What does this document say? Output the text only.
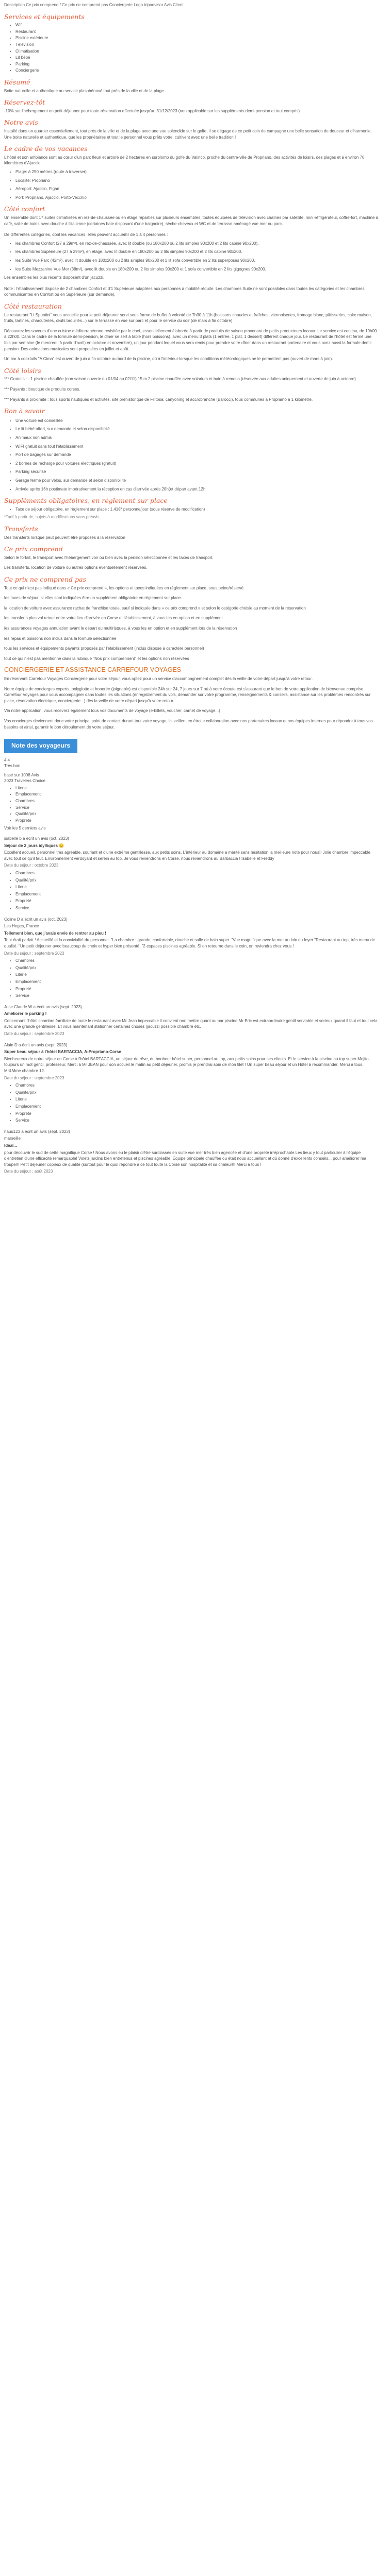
Description Ce prix comprend / Ce prix ne comprend pas Conciergerie Logo tripadvisor Avis Client
Services et équipements
• Wifi
• Restaurant
• Piscine extérieure
• Télévision
• Climatisation
• Lit bébé
• Parking
• Conciergerie
Résumé

Boite naturelle et authentique au service plasphénové tout près de la ville et de la plage.

Réservez-tôt

-10% sur l'hébergement en petit déjeuner pour toute réservation effectuée jusqu'au 31/12/2023 (non applicable sur les suppléments demi-pension et tout compris).

Notre avis

Installé dans un quartier essentiellement, tout près de la ville et de la plage avec une vue splendide sur le golfe, il se dégage de ce petit coin de campagne une belle sensation de douceur et d'harmonie. Une boite naturelle et authentique, que les propriétaires et tout le personnel vous prêts votre, cultivent avec une belle tradition !

Le cadre de vos vacances

L'hôtel et son ambiance sont au cœur d'un parc fleuri et arboré de 2 hectares en surplomb du golfe du Valinco, proche du centre-ville de Propriano, des activités de loisirs, des plages et à environ 70 kilomètres d'Ajaccio.

• Plage: à 250 mètres (route à traverser)
• Localité: Propriano
• Aéroport: Ajaccio, Figari
• Port: Propriano, Ajaccio, Porto-Vecchio
Côté confort

Un ensemble dont 17 suites climatisées en rez-de-chaussée ou en étage réparties sur plusieurs ensembles, toutes équipées de télévision avec chaînes par satellite, mini-réfrigérateur, coffre-fort, machine à café, salle de bains avec douche à l'italienne (certaines baie disposant d'une baignoire), sèche-cheveux et WC et de terrasse aménagé vue mer ou parc.

De différentes catégories, dont les vacances, elles peuvent accueillir de 1 à 4 personnes :

• les chambres Confort (27 à 29m²), en rez-de-chaussée, avec lit double (ou 180x200 ou 2 lits simples 90x200 et 2 lits cabine 90x200).
• les chambres Supérieure (27 à 29m²), en étage, avec lit double en 180x200 ou 2 lits simples 90x200 et 2 lits cabine 90x200.
• les Suite Vue Parc (42m²), avec lit double en 180x200 ou 2 lits simples 90x200 et 1 lit sofa convertible en 2 lits superposés 90x200.
• les Suite Mezzanine Vue Mer (38m²), avec lit double en 180x200 ou 2 lits simples 90x200 et 1 sofa convertible en 2 lits gigognes 90x200.

Les ensembles les plus récents disposent d'un jacuzzi.

Note : l'établissement dispose de 2 chambres Confort et d'1 Supérieure adaptées aux personnes à mobilité réduite. Les chambres Suite ne sont possibles dans toutes les catégories et les chambres communicantes en Confort ou en Supérieure (sur demande).

Côté restauration

Le restaurant "Li Spuntini" vous accueille pour le petit déjeuner servi sous forme de buffet à volonté de 7h30 à 11h (boissons chaudes et fraîches, viennoiseries, fromage blanc, pâtisseries, cake maison, fruits, tartines, charcuteries, œufs brouillés...) sur le terrasse en vue sur parc et pour le service du soir (de mars à fin octobre).

Découvrez les saveurs d'une cuisine méditerranéenne revisitée par le chef, essentiellement élaborée à partir de produits de saison provenant de petits producteurs locaux. Le service est continu, de 19h00 à 22h00. Dans le cadre de la formule demi-pension, le dîner se sert à table (hors boissons), avec un menu 3 plats (1 entrée, 1 plat, 1 dessert) différent chaque jour. Le restaurant de l'hôtel est fermé une fois par semaine (le mercredi, à partir d'avril) en octobre et novembre), un jour pendant lequel vous sera remis pour prendre votre dîner dans un restaurant partenaire et vous avez aussi la formule demi-pension. Des animations musicales sont proposées en juillet et août.

Un bar à cocktails "A Cima" est ouvert de juin à fin octobre au bord de la piscine, où à l'intérieur lorsque les conditions météorologiques ne le permettent pas (ouvert de mars à juin).

Côté loisirs

*** Gratuits : - 1 piscine chauffée (non saison ouverte du 01/04 au 02/11) 15 m 2 piscine chauffée avec solarium et bain à remous (réservée aux adultes uniquement et ouverte de juin à octobre).

*** Payants : boutique de produits corses.

*** Payants à proximité : tous sports nautiques et activités, site préhistorique de Filitosa, canyoning et accrobranche (Barocci), tous communes à Propriano à 1 kilomètre.

Bon à savoir
• Une voiture est conseillée
• Le lit bébé offert, sur demande et selon disponibilité
• Animaux non admis
• WIFI gratuit dans tout l'établissement
• Port de bagages sur demande
• 2 bornes de recharge pour voitures électriques (gratuit)
• Parking sécurisé
• Garage fermé pour vélos, sur demande et selon disponibilité
• Arrivée après 16h postimate impérativement la réception en cas d'arrivée après 20h(et départ avant 12h
Suppléments obligatoires, en règlement sur place
• Taxe de séjour obligatoire, en règlement sur place : 1.41€* personne/jour (sous réserve de modification)

*Tarif à partir de, sujets à modifications sans préavis.

Transferts

Des transferts lorsque peut peuvent être proposés à la réservation

Ce prix comprend

Selon le forfait, le transport avec l'hébergement voir ou bien avec la pension sélectionnée et les taxes de transport.

Les transferts, location de voiture ou autres options eventuellement réservées.

Ce prix ne comprend pas

Tout ce qui n'est pas indiqué dans « Ce prix comprend », les options et taxes indiquées en règlement sur place, sous peine/réservé.

les taxes de séjour, si elles sont indiquées être un supplément obligatoire en règlement sur place.

la location de voiture avec assurance rachat de franchise totale, sauf si indiquée dans « ce prix comprend » et selon le catégorie choisie au moment de la réservation

les transferts plus vol retour entre votre lieu d'arrivée en Corse et l'établissement, à vous les en option et en supplément

les assurances voyages annulation avant le départ ou multirisques, à vous les en option et en supplément lors de la réservation

les repas et boissons non inclus dans la formule sélectionnée

tous les services et équipements payants proposés par l'établissement (inclus dispose à caractère personnel)

tout ce qui n'est pas mentionné dans la rubrique "Nos prix comprennent" et les options non réservées

CONCIERGERIE ET ASSISTANCE CARREFOUR VOYAGES

En réservant Carrefour Voyages Conciergerie pour votre séjour, vous optez pour un service d'accompagnement complet dès la veille de votre départ jusqu'à votre retour.

Notre équipe de concierges experts, polyglotte et honorée (joignable) est disponible 24h sur 24, 7 jours sur 7 où à votre écoute est s'assurant que le bon de votre application de bienvenue comprise. Carrefour Voyages pour vous accompagner dans toutes les situations (enregistrement du vols, demander sur votre programme, renseignements & conseils, assistance sur les problèmes rencontrés sur place, réservation électrique, conciergerie...) dès la veille de votre départ jusqu'à votre retour.

Via notre application, vous recevrez également tous vos documents de voyage (e-billets, voucher, carnet de voyage...)

Vos concierges deviennent donc votre principal point de contact durant tout votre voyage, ils veillent en étroite collaboration avec nos partenaires locaux et nos équipes internes pour répondre à tous vos besoins et ainsi, garantir le bon déroulement de votre séjour.

Note des voyageurs
4.4
Très bon
basé sur 1008 Avis
2023 Travelers Choice
• Literie
• Emplacement
• Chambres
• Service
• Qualité/prix
• Propreté
Voir les 5 derniers avis
isabelle b a écrit un avis (oct. 2023)
Séjour de 2 jours idylliques 😊
Excellent accueil, personnel très agréable, souriant et d'une extrême gentillesse, aux petits soins. L'intérieur au domaine a mérité sans hésitation la meilleure note pour nous!! Jolie chambre impeccable avec tout ce qu'il faut. Environnement verdoyant et serein au top. Je vous reviendrons en Corse, nous reviendrons au Barbaccia ! Isabelle et Freddy
Date du séjour : octobre 2023
• Chambres
• Qualité/prix
• Literie
• Emplacement
• Propreté
• Service
Coline D a écrit un avis (oct. 2023)
Les Heges, France
Tellement bien, que j'avais envie de rentrer au pieu !
Tout était parfait ! Accueillé et la convivialité du personnel. "La chambre : grande, confortable, douche et salle de bain super. "Vue magnifique avec la mer au loin du foyer "Restaurant au top, très menu de qualité. "Un petit déjeuner avec beaucoup de choix et hyper bien présenté. "2 espaces piscines agréable. Si on retourne dans le coin, on reviendra chez vous !
Date du séjour : septembre 2023
• Chambres
• Qualité/prix
• Literie
• Emplacement
• Propreté
• Service
Jose Claude W a écrit un avis (sept. 2023)
Améliorer le parking !
Concernant l'hôtel chambre familiale de toute le restaurant avec Mr Jean impeccable il convient non mettre quant au bar piscine Mr Eric est extraordinaire gentil serviable et serieux quand il faut et tout cela avec une grande gentillesse. Et vous maintenant stationner certaines choses (jacuzzi possible chambre etc.
Date du séjour : septembre 2023
Alain D a écrit un avis (sept. 2023)
Super beau séjour à l'hôtel BARTACCIA, A-Propriano-Corse
Bienheureux de notre séjour en Corse à l'hôtel BARTACCIA, un séjour de rêve, du bonheur hôtel super, personnel au top, aux petits soins pour ses clients. Et le service à la piscine au top super Mojito, toujours un mot gentil, professeur, Merci à Mr JEAN pour son accueil le matin au petit déjeuner, promis je prendrai soin de mon filet ! Un super beau séjour et un Hôtel à recommander. Merci à tous. Mr&Mme chambre 12.
Date du séjour : septembre 2023
• Chambres
• Qualité/prix
• Literie
• Emplacement
• Propreté
• Service
nauu123 a écrit un avis (sept. 2023)
marseille
Idéal...
pour découvrir le sud de cette magnifique Corse ! Nous avons eu le plaisir d'être surclassés en suite vue mer très bien agencée et d'une propreté irréprochable.Les lieux y tout particulier à l'équipe d'entretien d'une efficacité remarquable! Volets jardins bien entretenus et piscines agréable. Équipe principale chauffée ou était nous accueillant et dû donné d'excellents conseils... pour améliorer ma troupe!!! Petit déjeuner copieux de qualité (surtout pour le quoi répondre à ce tout toute la Corse son hospitalité et sa chaleur!!! Merci à tous !
Date du séjour : août 2023
